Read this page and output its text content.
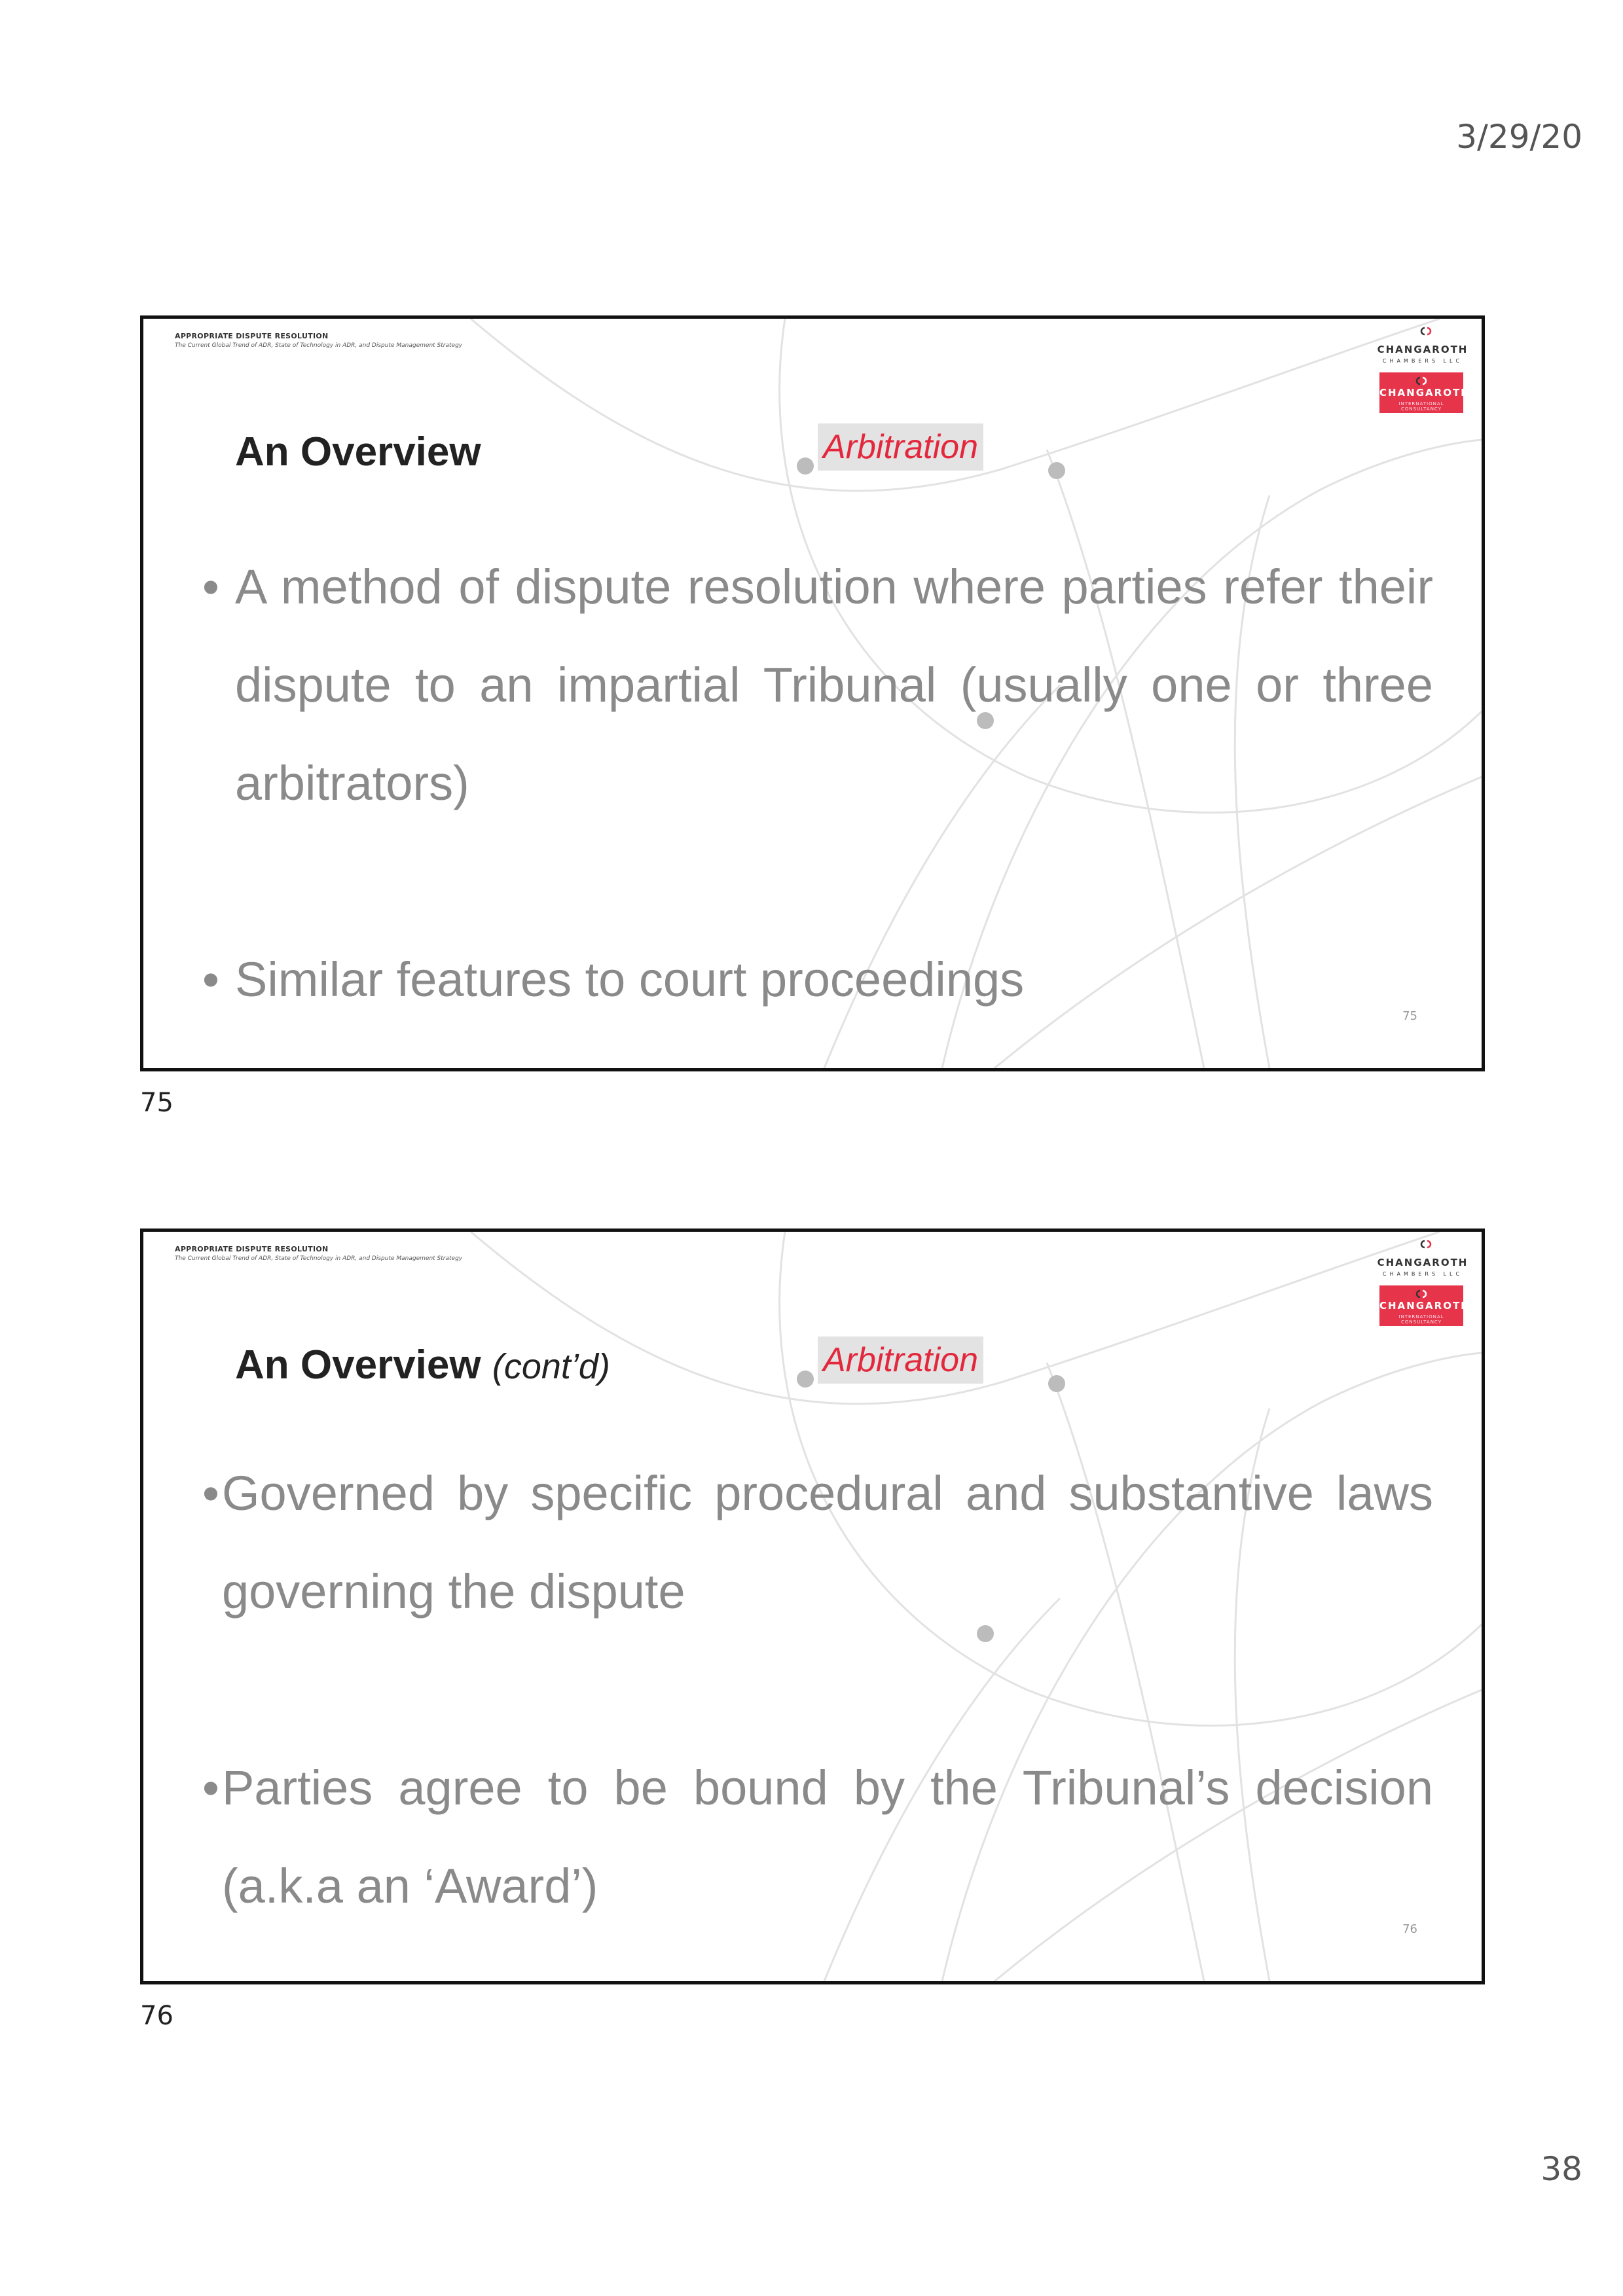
3/29/20
APPROPRIATE DISPUTE RESOLUTION
The Current Global Trend of ADR, State of Technology in ADR, and Dispute Management Strategy	CHANGAROTH
CHAMBERS LLC
CHANGAROTH
INTERNATIONAL CONSULTANCY
An Overview	Arbitration
• A method of dispute resolution where parties refer their dispute to an impartial Tribunal (usually one or three arbitrators)
• Similar features to court proceedings
75
75
APPROPRIATE DISPUTE RESOLUTION
The Current Global Trend of ADR, State of Technology in ADR, and Dispute Management Strategy	CHANGAROTH
CHAMBERS LLC
CHANGAROTH
INTERNATIONAL CONSULTANCY
An Overview (cont’d)	Arbitration
• Governed by specific procedural and substantive laws governing the dispute
• Parties agree to be bound by the Tribunal’s decision (a.k.a an ‘Award’)
76
76
38
